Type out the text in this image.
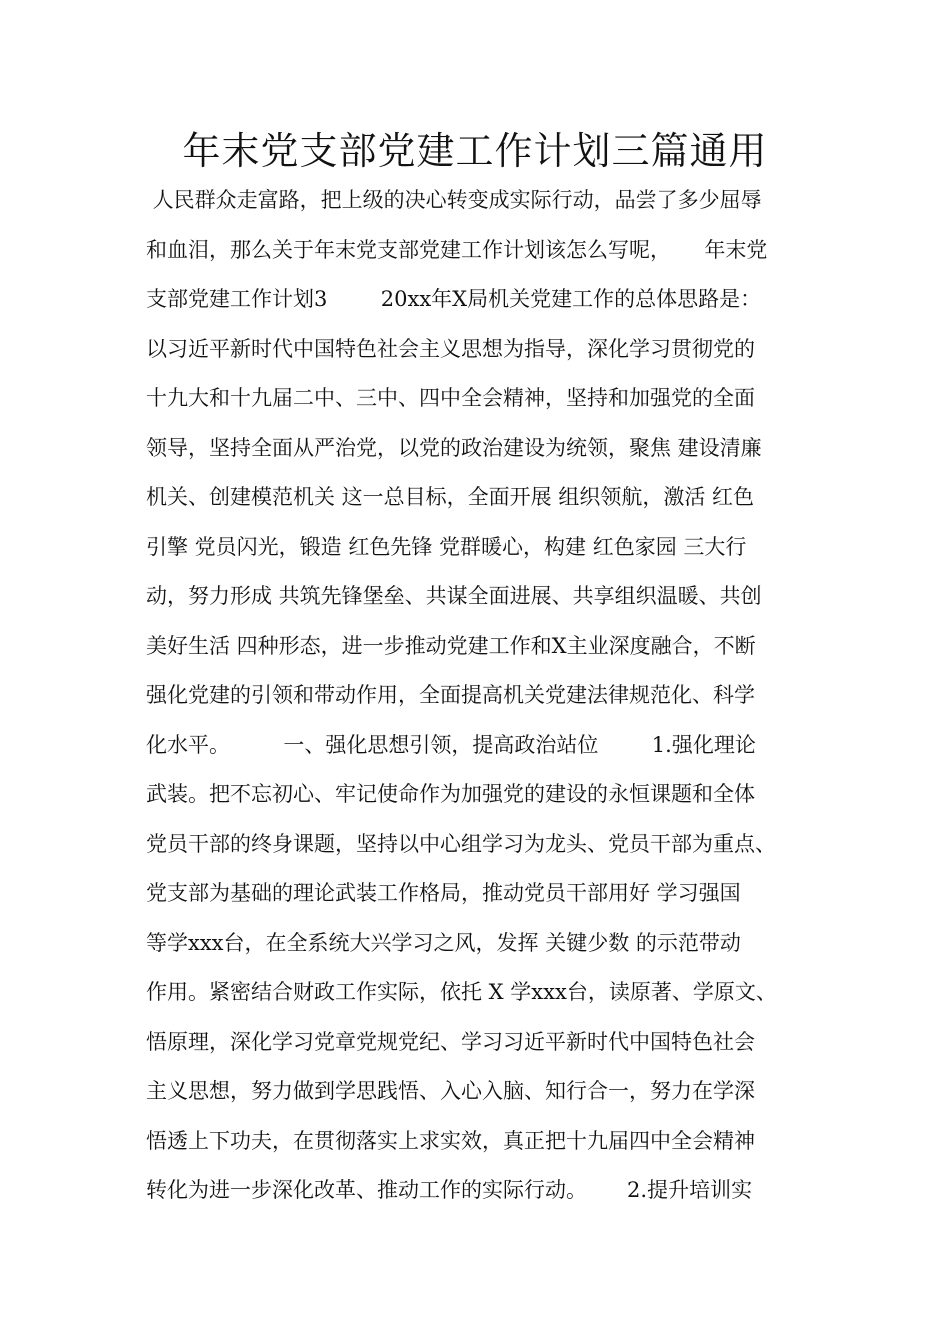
年末党支部党建工作计划三篇通用
人民群众走富路，把上级的决心转变成实际行动，品尝了多少屈辱
和血泪，那么关于年末党支部党建工作计划该怎么写呢，     年末党
支部党建工作计划3        20xx年X局机关党建工作的总体思路是：
以习近平新时代中国特色社会主义思想为指导，深化学习贯彻党的
十九大和十九届二中、三中、四中全会精神，坚持和加强党的全面
领导，坚持全面从严治党，以党的政治建设为统领，聚焦 建设清廉
机关、创建模范机关 这一总目标，全面开展 组织领航，激活 红色
引擎 党员闪光，锻造 红色先锋 党群暖心，构建 红色家园 三大行
动，努力形成 共筑先锋堡垒、共谋全面进展、共享组织温暖、共创
美好生活 四种形态，进一步推动党建工作和X主业深度融合，不断
强化党建的引领和带动作用，全面提高机关党建法律规范化、科学
化水平。        一、强化思想引领，提高政治站位        1.强化理论
武装。把不忘初心、牢记使命作为加强党的建设的永恒课题和全体
党员干部的终身课题，坚持以中心组学习为龙头、党员干部为重点、
党支部为基础的理论武装工作格局，推动党员干部用好 学习强国
等学xxx台，在全系统大兴学习之风，发挥 关键少数 的示范带动
作用。紧密结合财政工作实际，依托 X 学xxx台，读原著、学原文、
悟原理，深化学习党章党规党纪、学习习近平新时代中国特色社会
主义思想，努力做到学思践悟、入心入脑、知行合一，努力在学深
悟透上下功夫，在贯彻落实上求实效，真正把十九届四中全会精神
转化为进一步深化改革、推动工作的实际行动。      2.提升培训实
